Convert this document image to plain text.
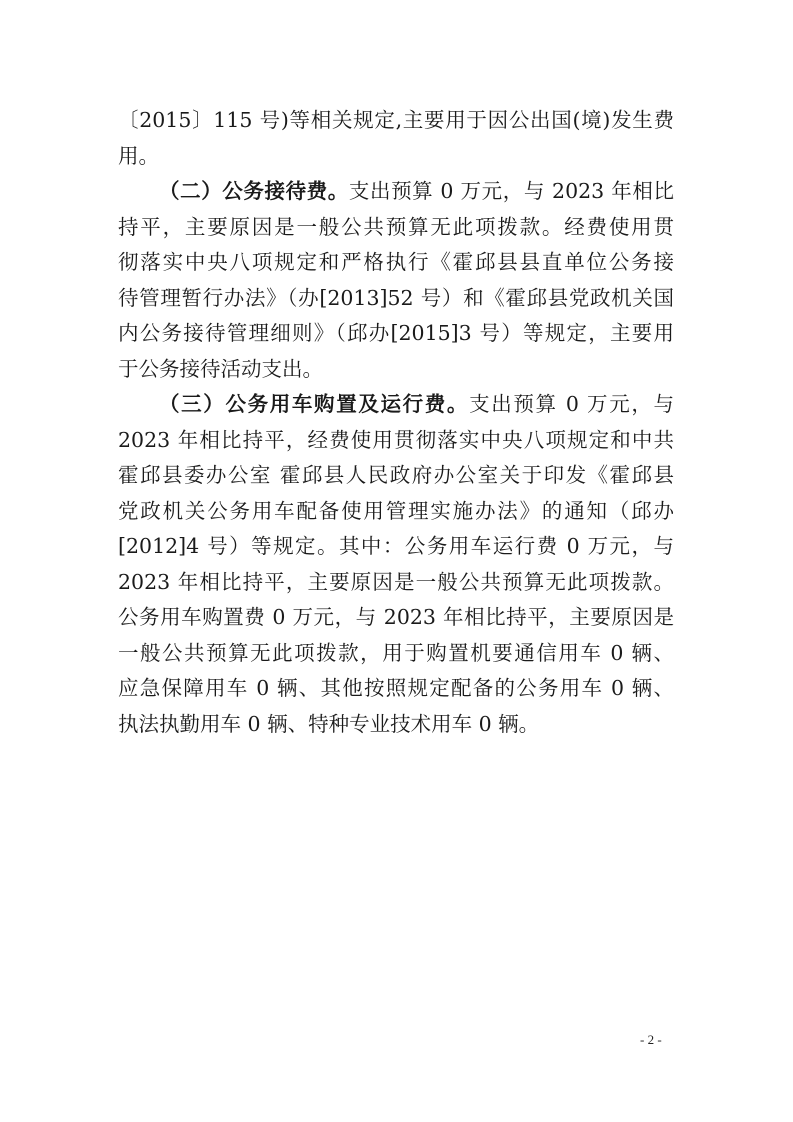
〔2015〕115 号)等相关规定,主要用于因公出国(境)发生费
用。
（二）公务接待费。支出预算 0 万元，与 2023 年相比
持平，主要原因是一般公共预算无此项拨款。经费使用贯
彻落实中央八项规定和严格执行《霍邱县县直单位公务接
待管理暂行办法》（办[2013]52 号）和《霍邱县党政机关国
内公务接待管理细则》（邱办[2015]3 号）等规定，主要用
于公务接待活动支出。
（三）公务用车购置及运行费。支出预算 0 万元，与
2023 年相比持平，经费使用贯彻落实中央八项规定和中共
霍邱县委办公室 霍邱县人民政府办公室关于印发《霍邱县
党政机关公务用车配备使用管理实施办法》的通知（邱办
[2012]4 号）等规定。其中：公务用车运行费 0 万元，与
2023 年相比持平，主要原因是一般公共预算无此项拨款。
公务用车购置费 0 万元，与 2023 年相比持平，主要原因是
一般公共预算无此项拨款，用于购置机要通信用车 0 辆、
应急保障用车 0 辆、其他按照规定配备的公务用车 0 辆、
执法执勤用车 0 辆、特种专业技术用车 0 辆。
- 2 -
